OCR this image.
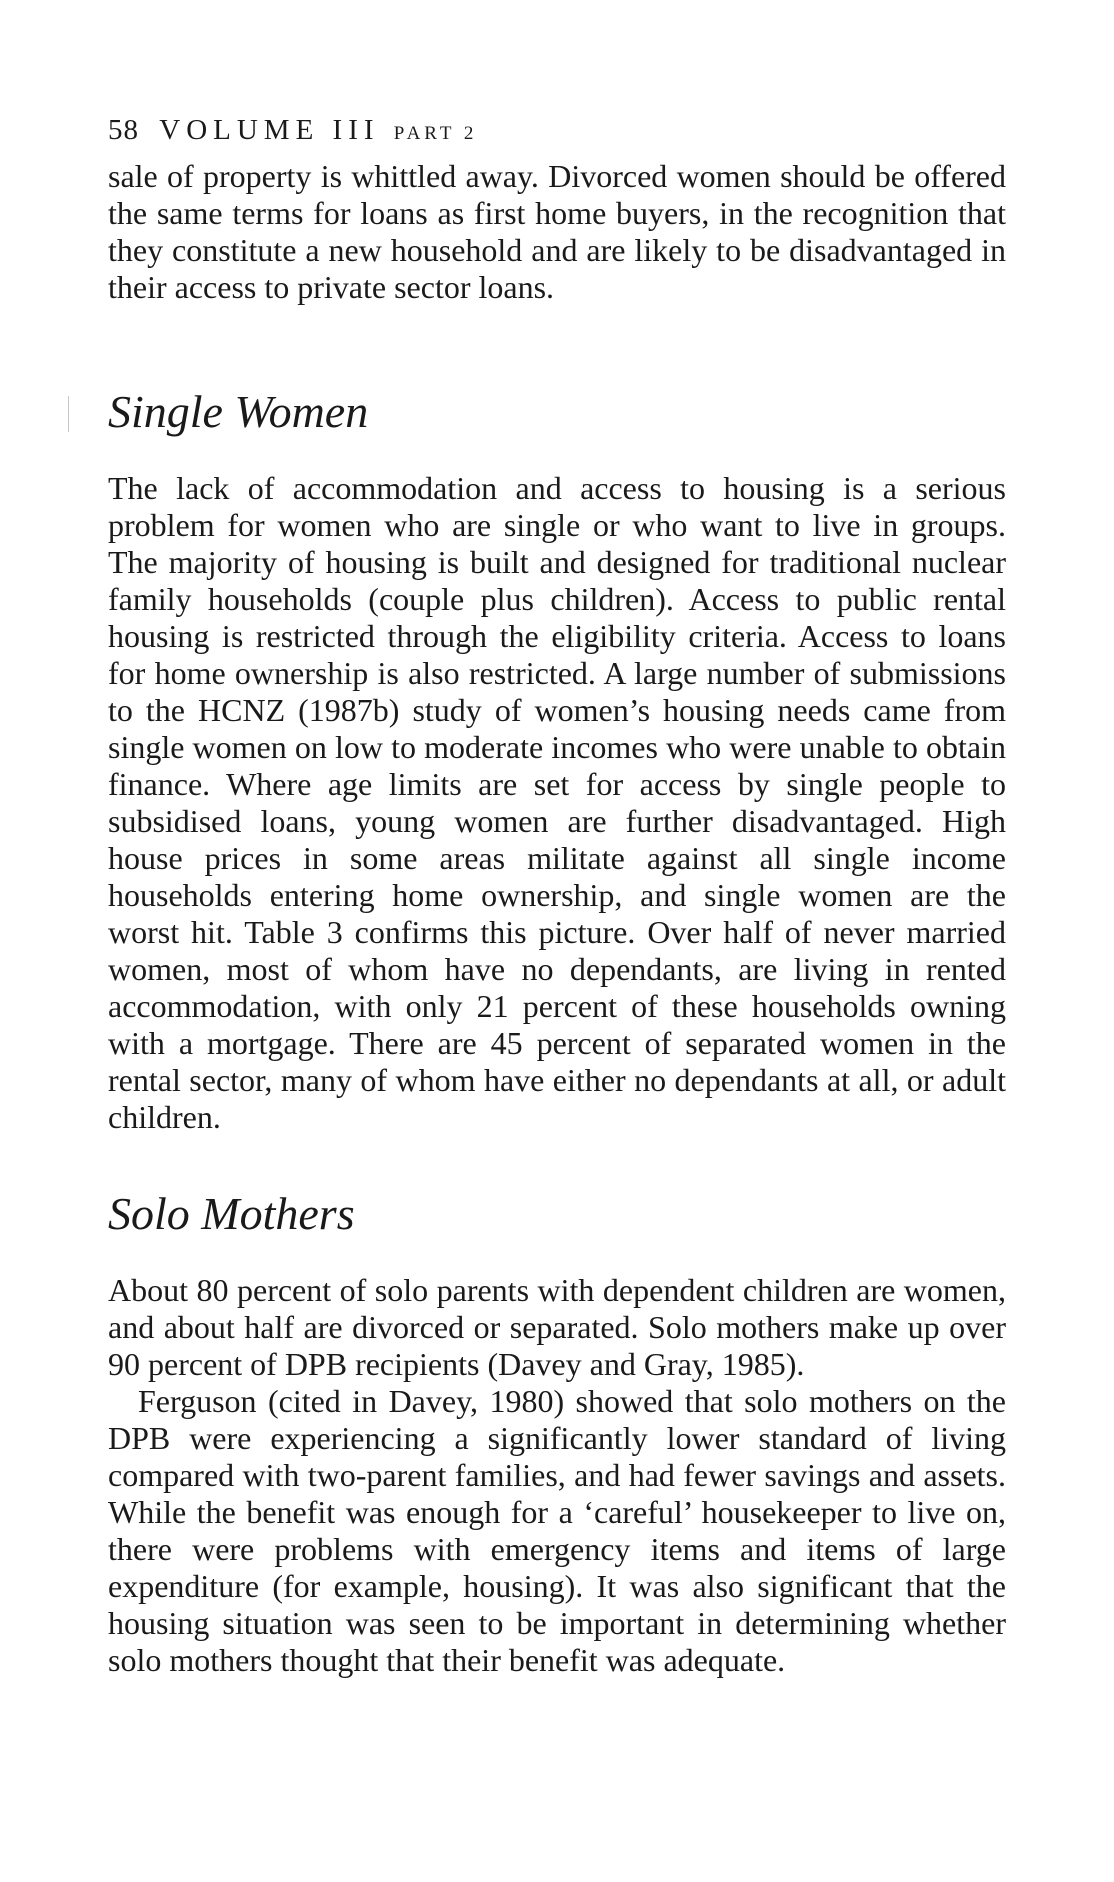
58 VOLUME III PART 2

sale of property is whittled away. Divorced women should be offered the same terms for loans as first home buyers, in the recognition that they constitute a new household and are likely to be disadvantaged in their access to private sector loans.

Single Women

The lack of accommodation and access to housing is a serious problem for women who are single or who want to live in groups. The majority of housing is built and designed for traditional nuclear family households (couple plus children). Access to public rental housing is restricted through the eligibility criteria. Access to loans for home ownership is also restricted. A large number of submissions to the HCNZ (1987b) study of women’s housing needs came from single women on low to moderate incomes who were unable to obtain finance. Where age limits are set for access by single people to subsidised loans, young women are further disadvantaged. High house prices in some areas militate against all single income households entering home ownership, and single women are the worst hit. Table 3 confirms this picture. Over half of never married women, most of whom have no dependants, are living in rented accommodation, with only 21 percent of these households owning with a mortgage. There are 45 percent of separated women in the rental sector, many of whom have either no dependants at all, or adult children.

Solo Mothers

About 80 percent of solo parents with dependent children are women, and about half are divorced or separated. Solo mothers make up over 90 percent of DPB recipients (Davey and Gray, 1985).

Ferguson (cited in Davey, 1980) showed that solo mothers on the DPB were experiencing a significantly lower standard of living compared with two-parent families, and had fewer savings and assets. While the benefit was enough for a ‘careful’ housekeeper to live on, there were problems with emergency items and items of large expenditure (for example, housing). It was also significant that the housing situation was seen to be important in determining whether solo mothers thought that their benefit was adequate.
